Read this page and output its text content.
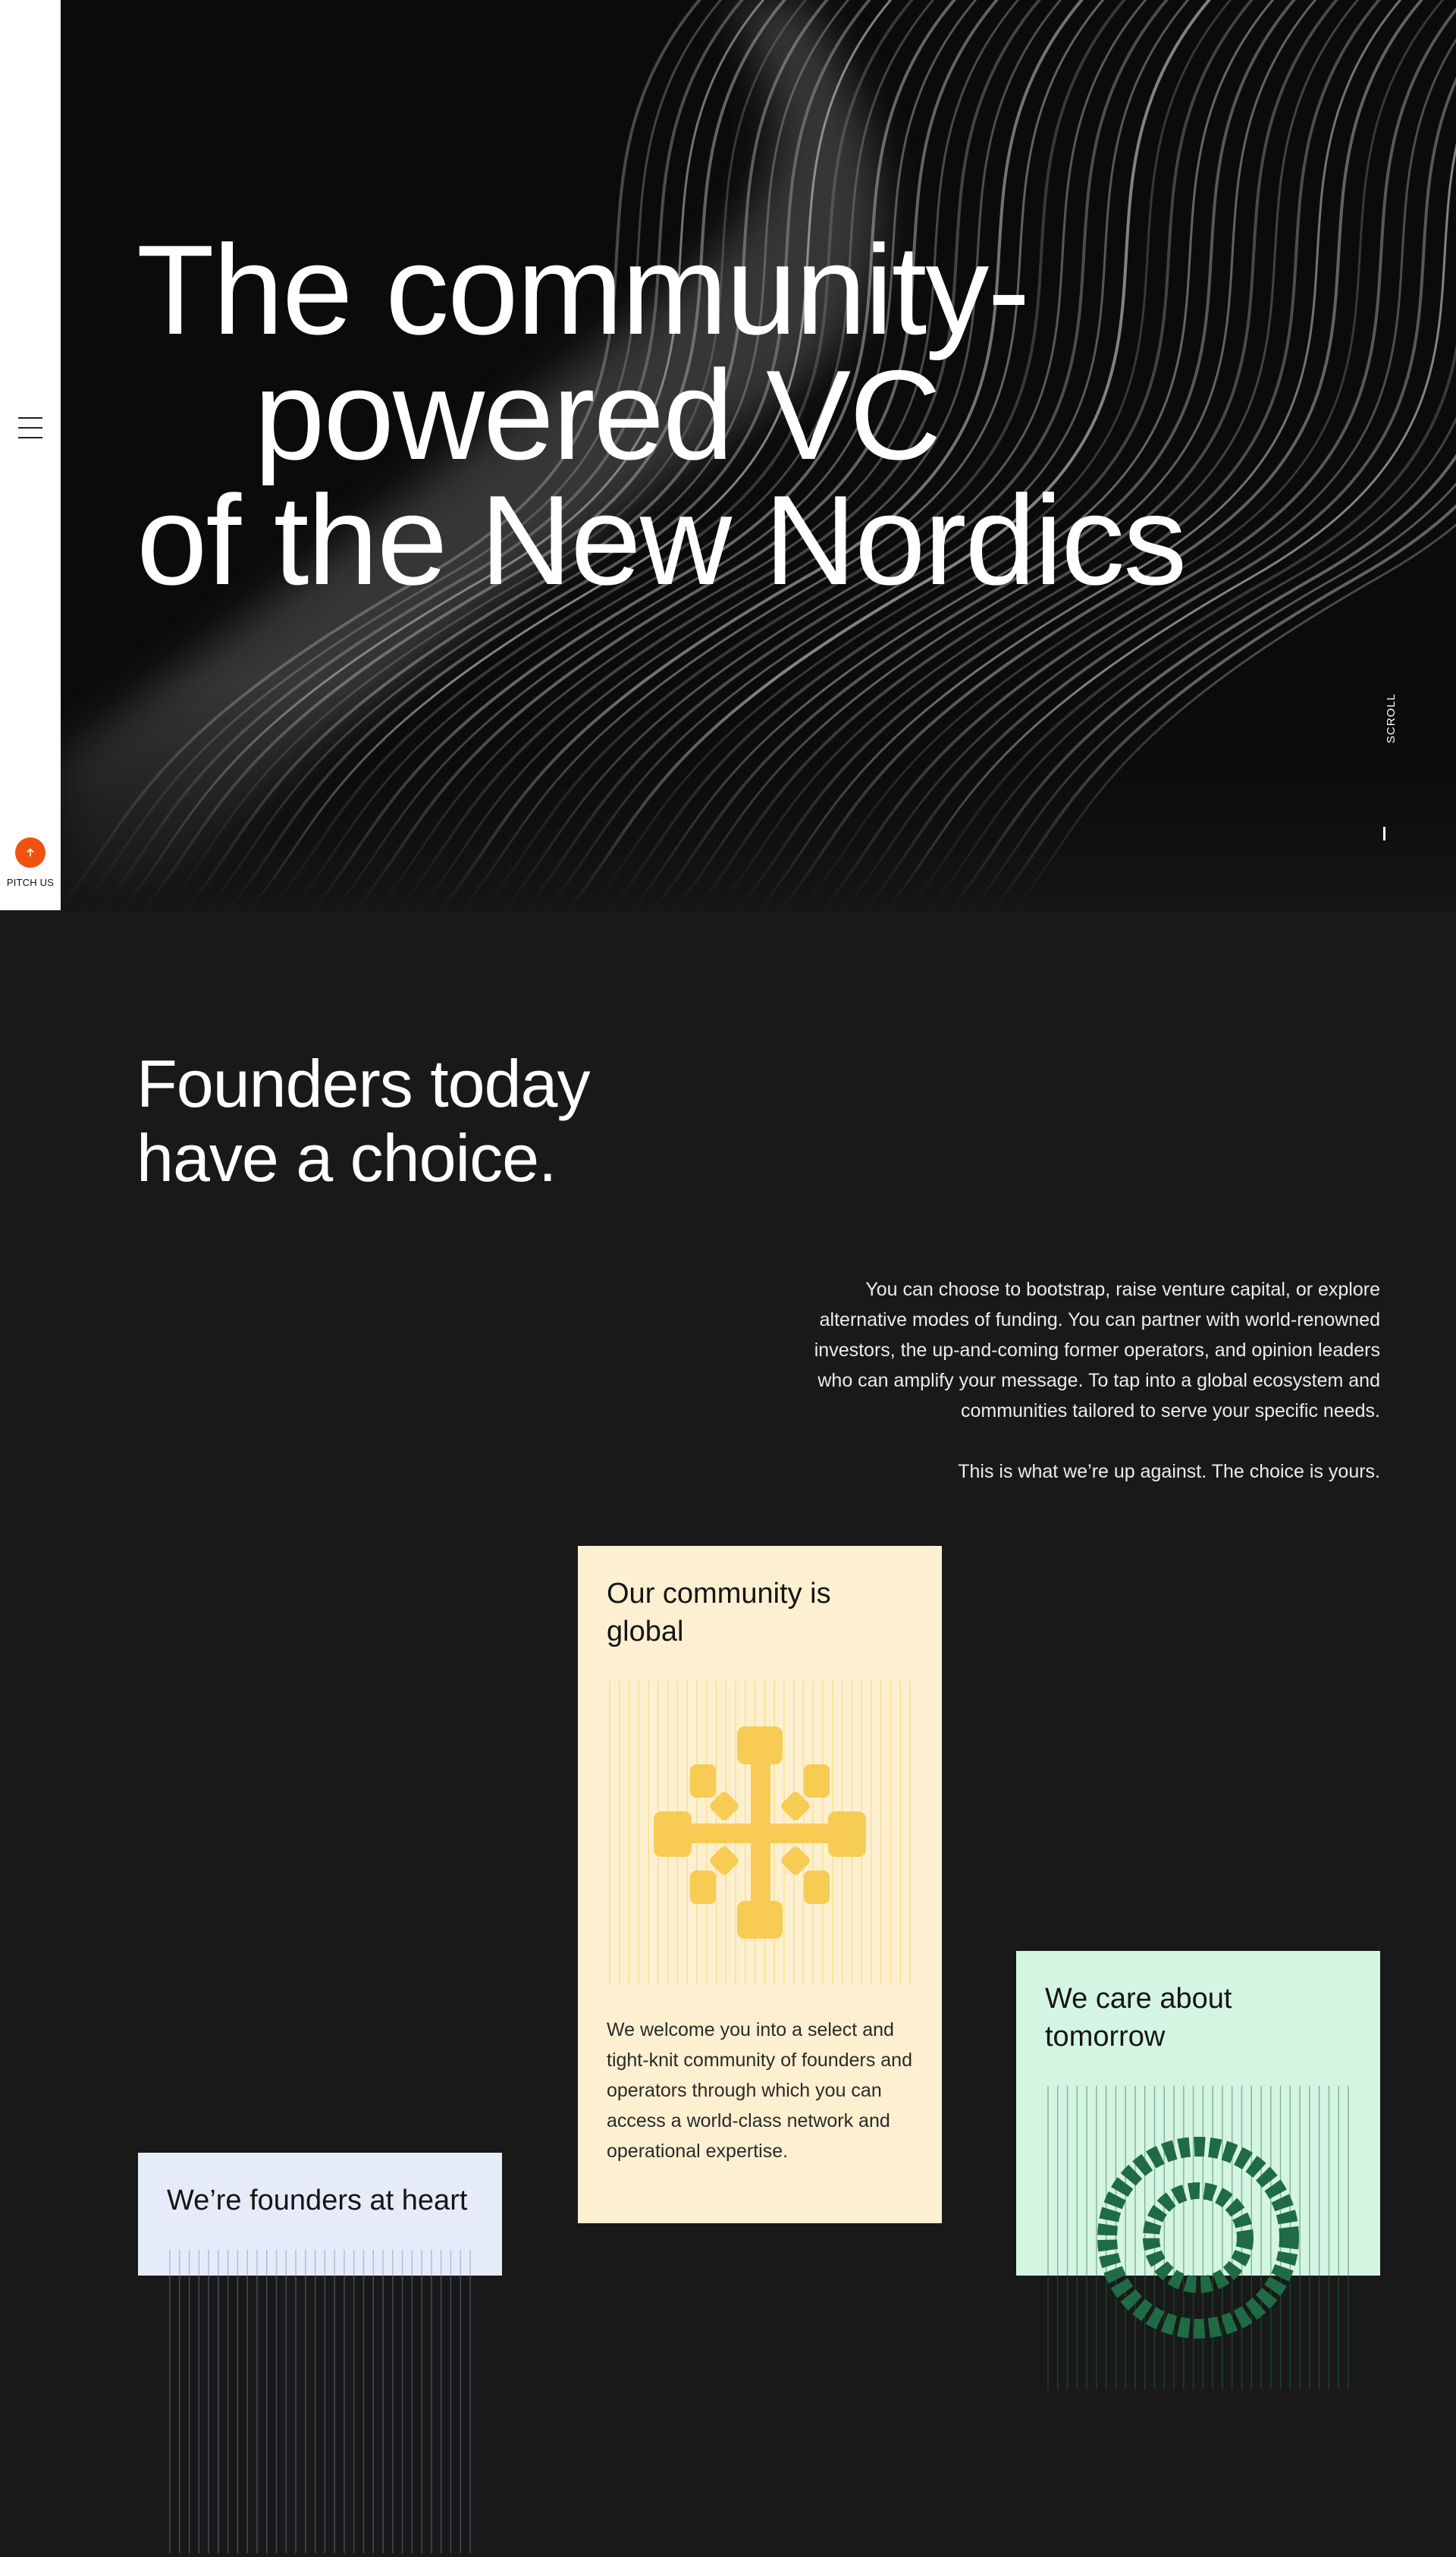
PITCH US
The community-
powered VC
of the New Nordics
SCROLL
Founders today
have a choice.

You can choose to bootstrap, raise venture capital, or explore alternative modes of funding. You can partner with world-renowned investors, the up-and-coming former operators, and opinion leaders who can amplify your message. To tap into a global ecosystem and communities tailored to serve your specific needs.

This is what we’re up against. The choice is yours.

Our community is global

We welcome you into a select and tight-knit community of founders and operators through which you can access a world-class network and operational expertise.

We care about tomorrow
We’re founders at heart
